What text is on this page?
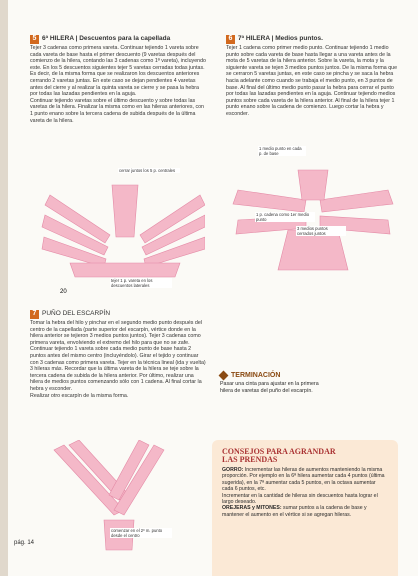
5 6ª HILERA | Descuentos para la capellada

Tejer 3 cadenas como primera vareta. Continuar tejiendo 1 vareta sobre cada vareta de base hasta el primer descuento (9 varetas después del comienzo de la hilera, contando las 3 cadenas como 1ª vareta), incluyendo este. En los 5 descuentos siguientes tejer 5 varetas cerradas todas juntas. Es decir, de la misma forma que se realizaron los descuentos anteriores cerrando 2 varetas juntas. En este caso se dejan pendientes 4 varetas antes del cierre y al realizar la quinta vareta se cierre y se pasa la hebra por todas las lazadas pendientes en la aguja.

Continuar tejiendo varetas sobre el último descuento y sobre todas las varetas de la hilera. Finalizar la misma como en las hileras anteriores, con 1 punto enano sobre la tercera cadena de subida después de la última vareta de la hilera.

6 7ª HILERA | Medios puntos.

Tejer 1 cadena como primer medio punto. Continuar tejiendo 1 medio punto sobre cada vareta de base hasta llegar a una vareta antes de la mota de 5 varetas de la hilera anterior. Sobre la vareta, la mota y la siguiente vareta se tejen 3 medios puntos juntos. De la misma forma que se cerraron 5 varetas juntas, en este caso se pincha y se saca la hebra hacia adelante como cuando se trabaja el medio punto, en 3 puntos de base. Al final del último medio punto pasar la hebra para cerrar el punto por todas las lazadas pendientes en la aguja. Continuar tejiendo medios puntos sobre cada vareta de la hilera anterior. Al final de la hilera tejer 1 punto enano sobre la cadena de comienzo. Luego cortar la hebra y esconder.

20
cerrar juntos los 5 p. centrales
tejer 1 p. vareta en los descuentos laterales
1 medio punto en cada p. de base
1 p. cadena como 1er medio punto
3 medios puntos cerrados juntos
7 PUÑO DEL ESCARPÍN

Tomar la hebra del hilo y pinchar en el segundo medio punto después del centro de la capellada (parte superior del escarpín, vértice donde en la hilera anterior se tejieron 3 medios puntos juntos). Tejer 3 cadenas como primera vareta, envolviendo el extremo del hilo para que no se zafe. Continuar tejiendo 1 vareta sobre cada medio punto de base hasta 2 puntos antes del mismo centro (incluyéndolo). Girar el tejido y continuar con 3 cadenas como primera vareta. Tejer en la técnica lineal (ida y vuelta) 3 hileras más. Recordar que la última vareta de la hilera se teje sobre la tercera cadena de subida de la hilera anterior. Por último, realizar una hilera de medios puntos comenzando sólo con 1 cadena. Al final cortar la hebra y esconder.

Realizar otro escarpín de la misma forma.

comenzar en el 2º m. punto desde el centro
TERMINACIÓN

Pasar una cinta para ajustar en la primera hilera de varetas del puño del escarpín.

CONSEJOS PARA AGRANDAR
LAS PRENDAS
GORRO: Incrementar las hileras de aumentos manteniendo la misma proporción. Por ejemplo en la 6ª hilera aumentar cada 4 puntos (última sugerida), en la 7ª aumentar cada 5 puntos, en la octava aumentar cada 6 puntos, etc.
Incrementar en la cantidad de hileras sin descuentos hasta lograr el largo deseado.
OREJERAS y MITONES: sumar puntos a la cadena de base y mantener el aumento en el vértice si se agregan hileras.
pág. 14
